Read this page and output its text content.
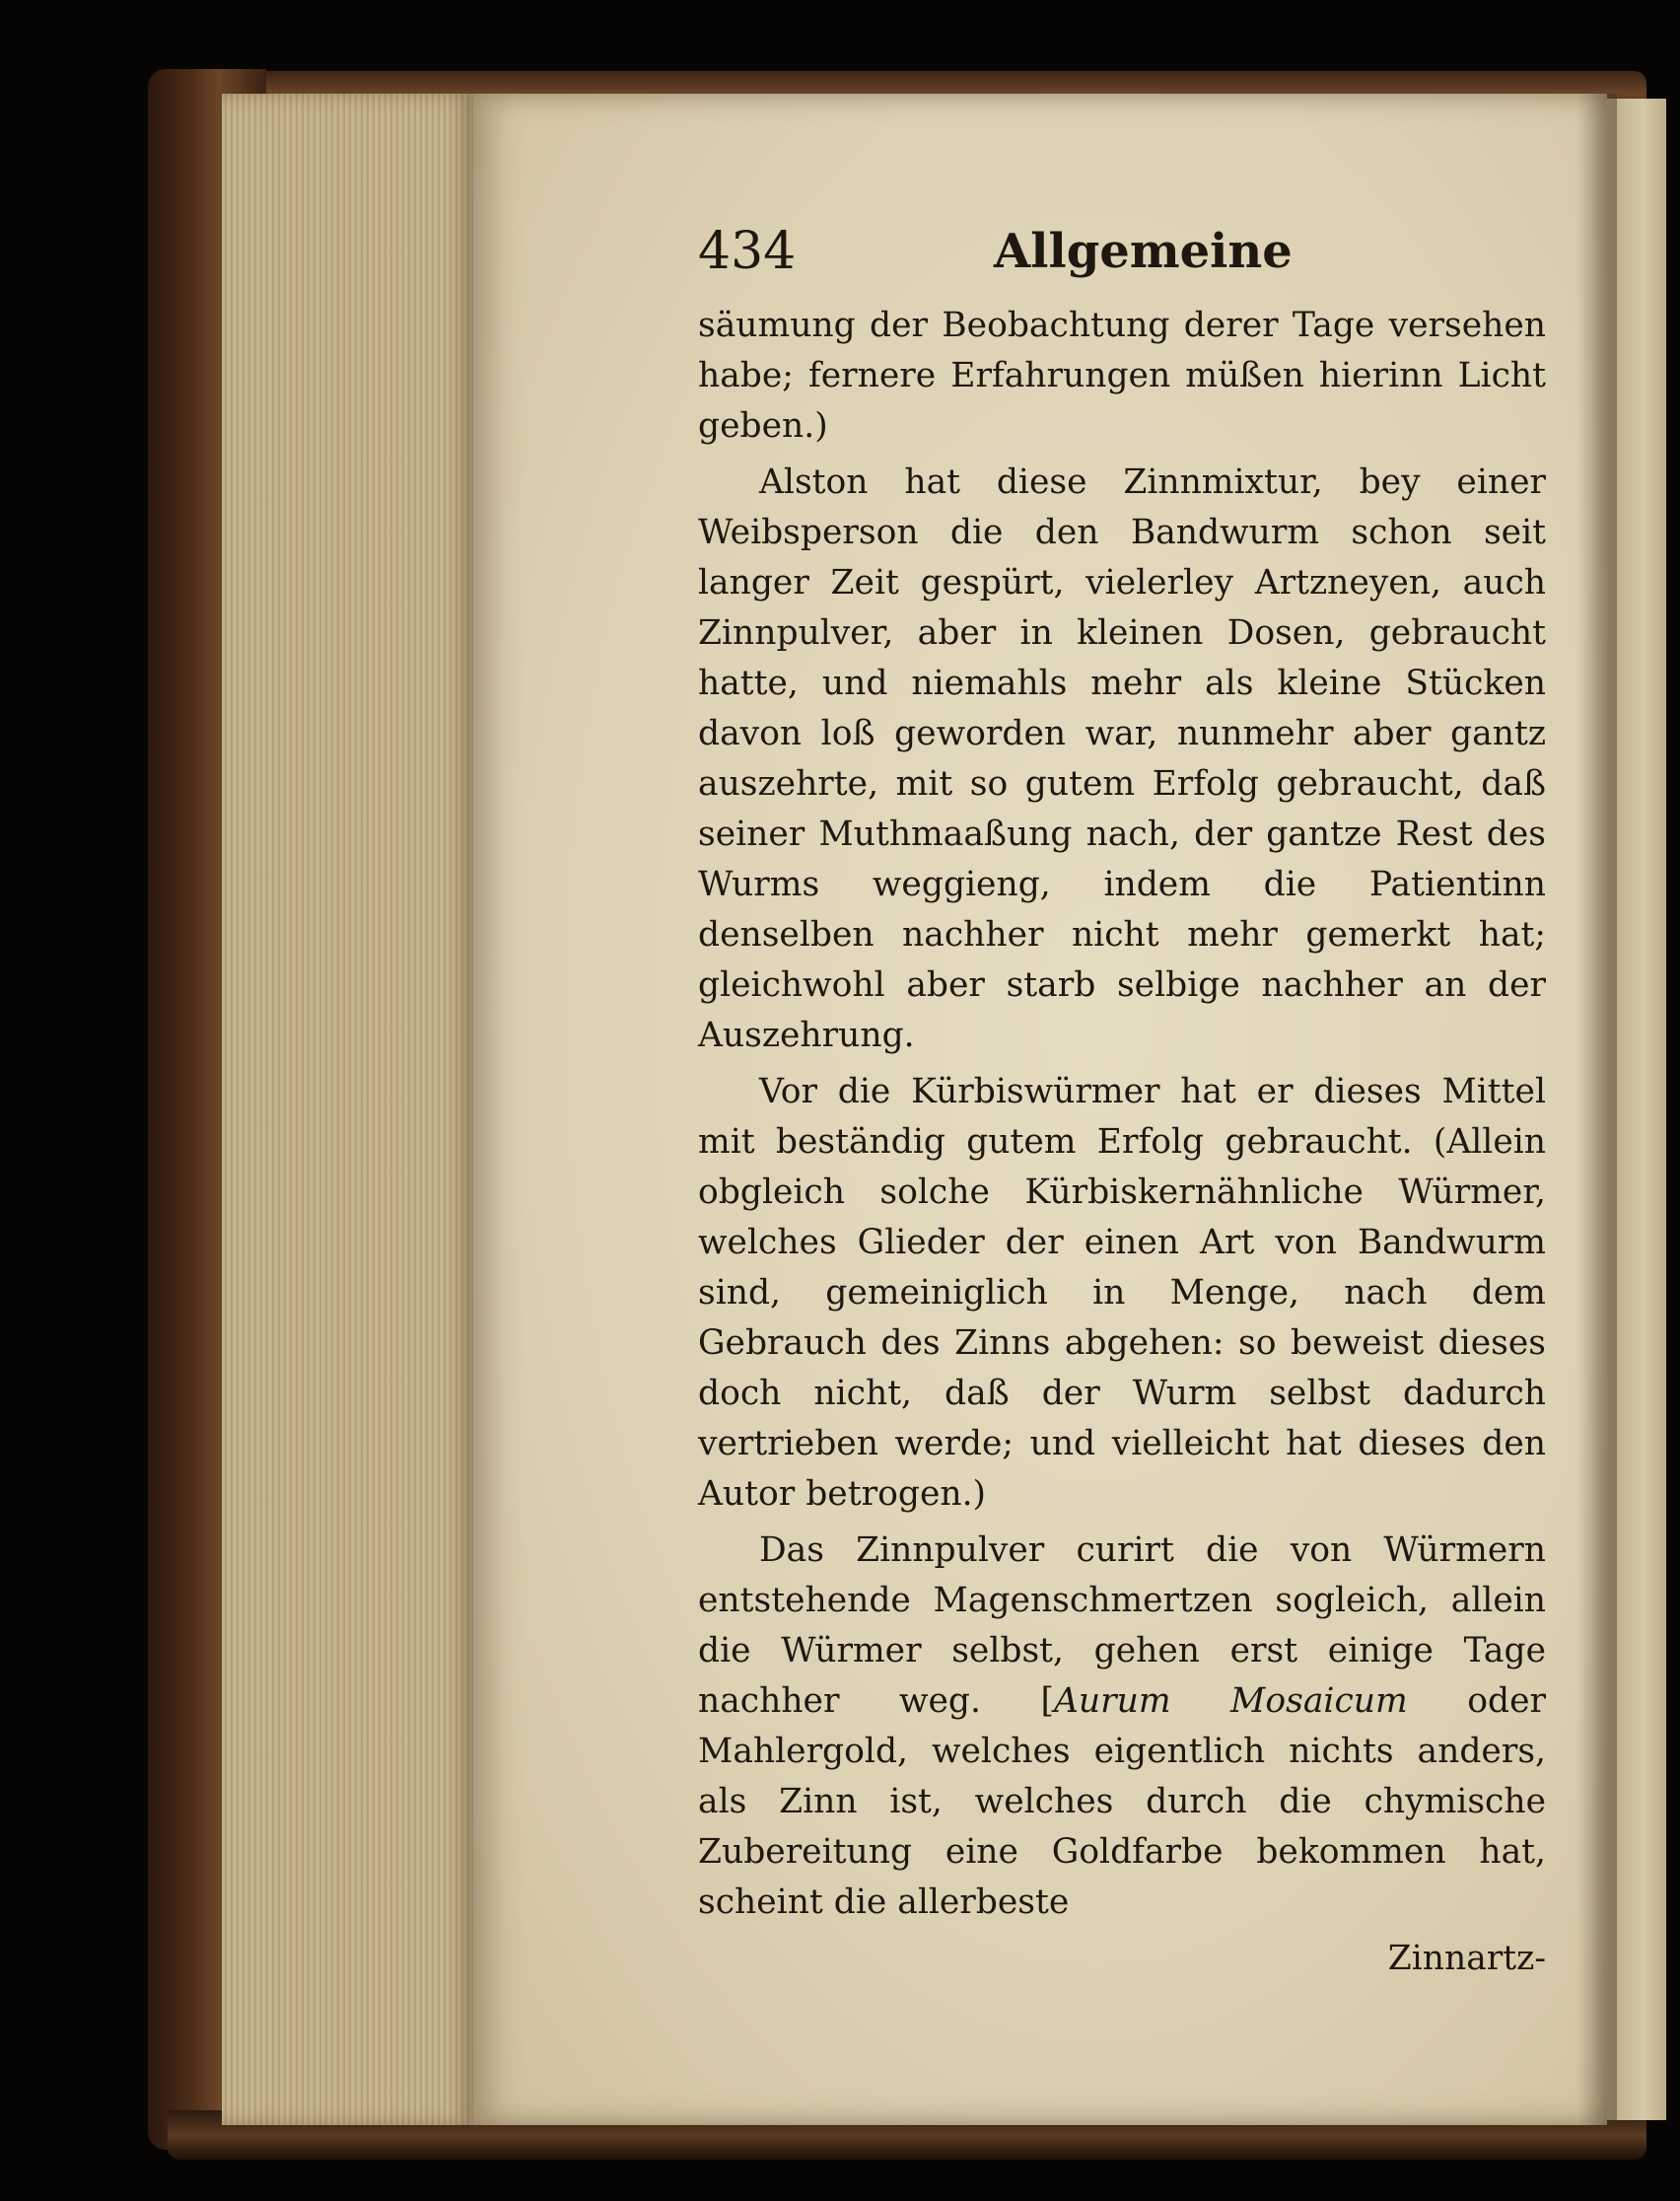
434	Allgemeine

säumung der Beobachtung derer Tage versehen habe; fernere Erfahrungen müßen hierinn Licht geben.)

Alston hat diese Zinnmixtur, bey einer Weibsperson die den Bandwurm schon seit langer Zeit gespürt, vielerley Artzneyen, auch Zinnpulver, aber in kleinen Dosen, gebraucht hatte, und niemahls mehr als kleine Stücken davon loß geworden war, nunmehr aber gantz auszehrte, mit so gutem Erfolg gebraucht, daß seiner Muthmaaßung nach, der gantze Rest des Wurms weggieng, indem die Patientinn denselben nachher nicht mehr gemerkt hat; gleichwohl aber starb selbige nachher an der Auszehrung.

Vor die Kürbiswürmer hat er dieses Mittel mit beständig gutem Erfolg gebraucht. (Allein obgleich solche Kürbiskernähnliche Würmer, welches Glieder der einen Art von Bandwurm sind, gemeiniglich in Menge, nach dem Gebrauch des Zinns abgehen: so beweist dieses doch nicht, daß der Wurm selbst dadurch vertrieben werde; und vielleicht hat dieses den Autor betrogen.)

Das Zinnpulver curirt die von Würmern entstehende Magenschmertzen sogleich, allein die Würmer selbst, gehen erst einige Tage nachher weg. [Aurum Mosaicum oder Mahlergold, welches eigentlich nichts anders, als Zinn ist, welches durch die chymische Zubereitung eine Goldfarbe bekommen hat, scheint die allerbeste

Zinnartz-
